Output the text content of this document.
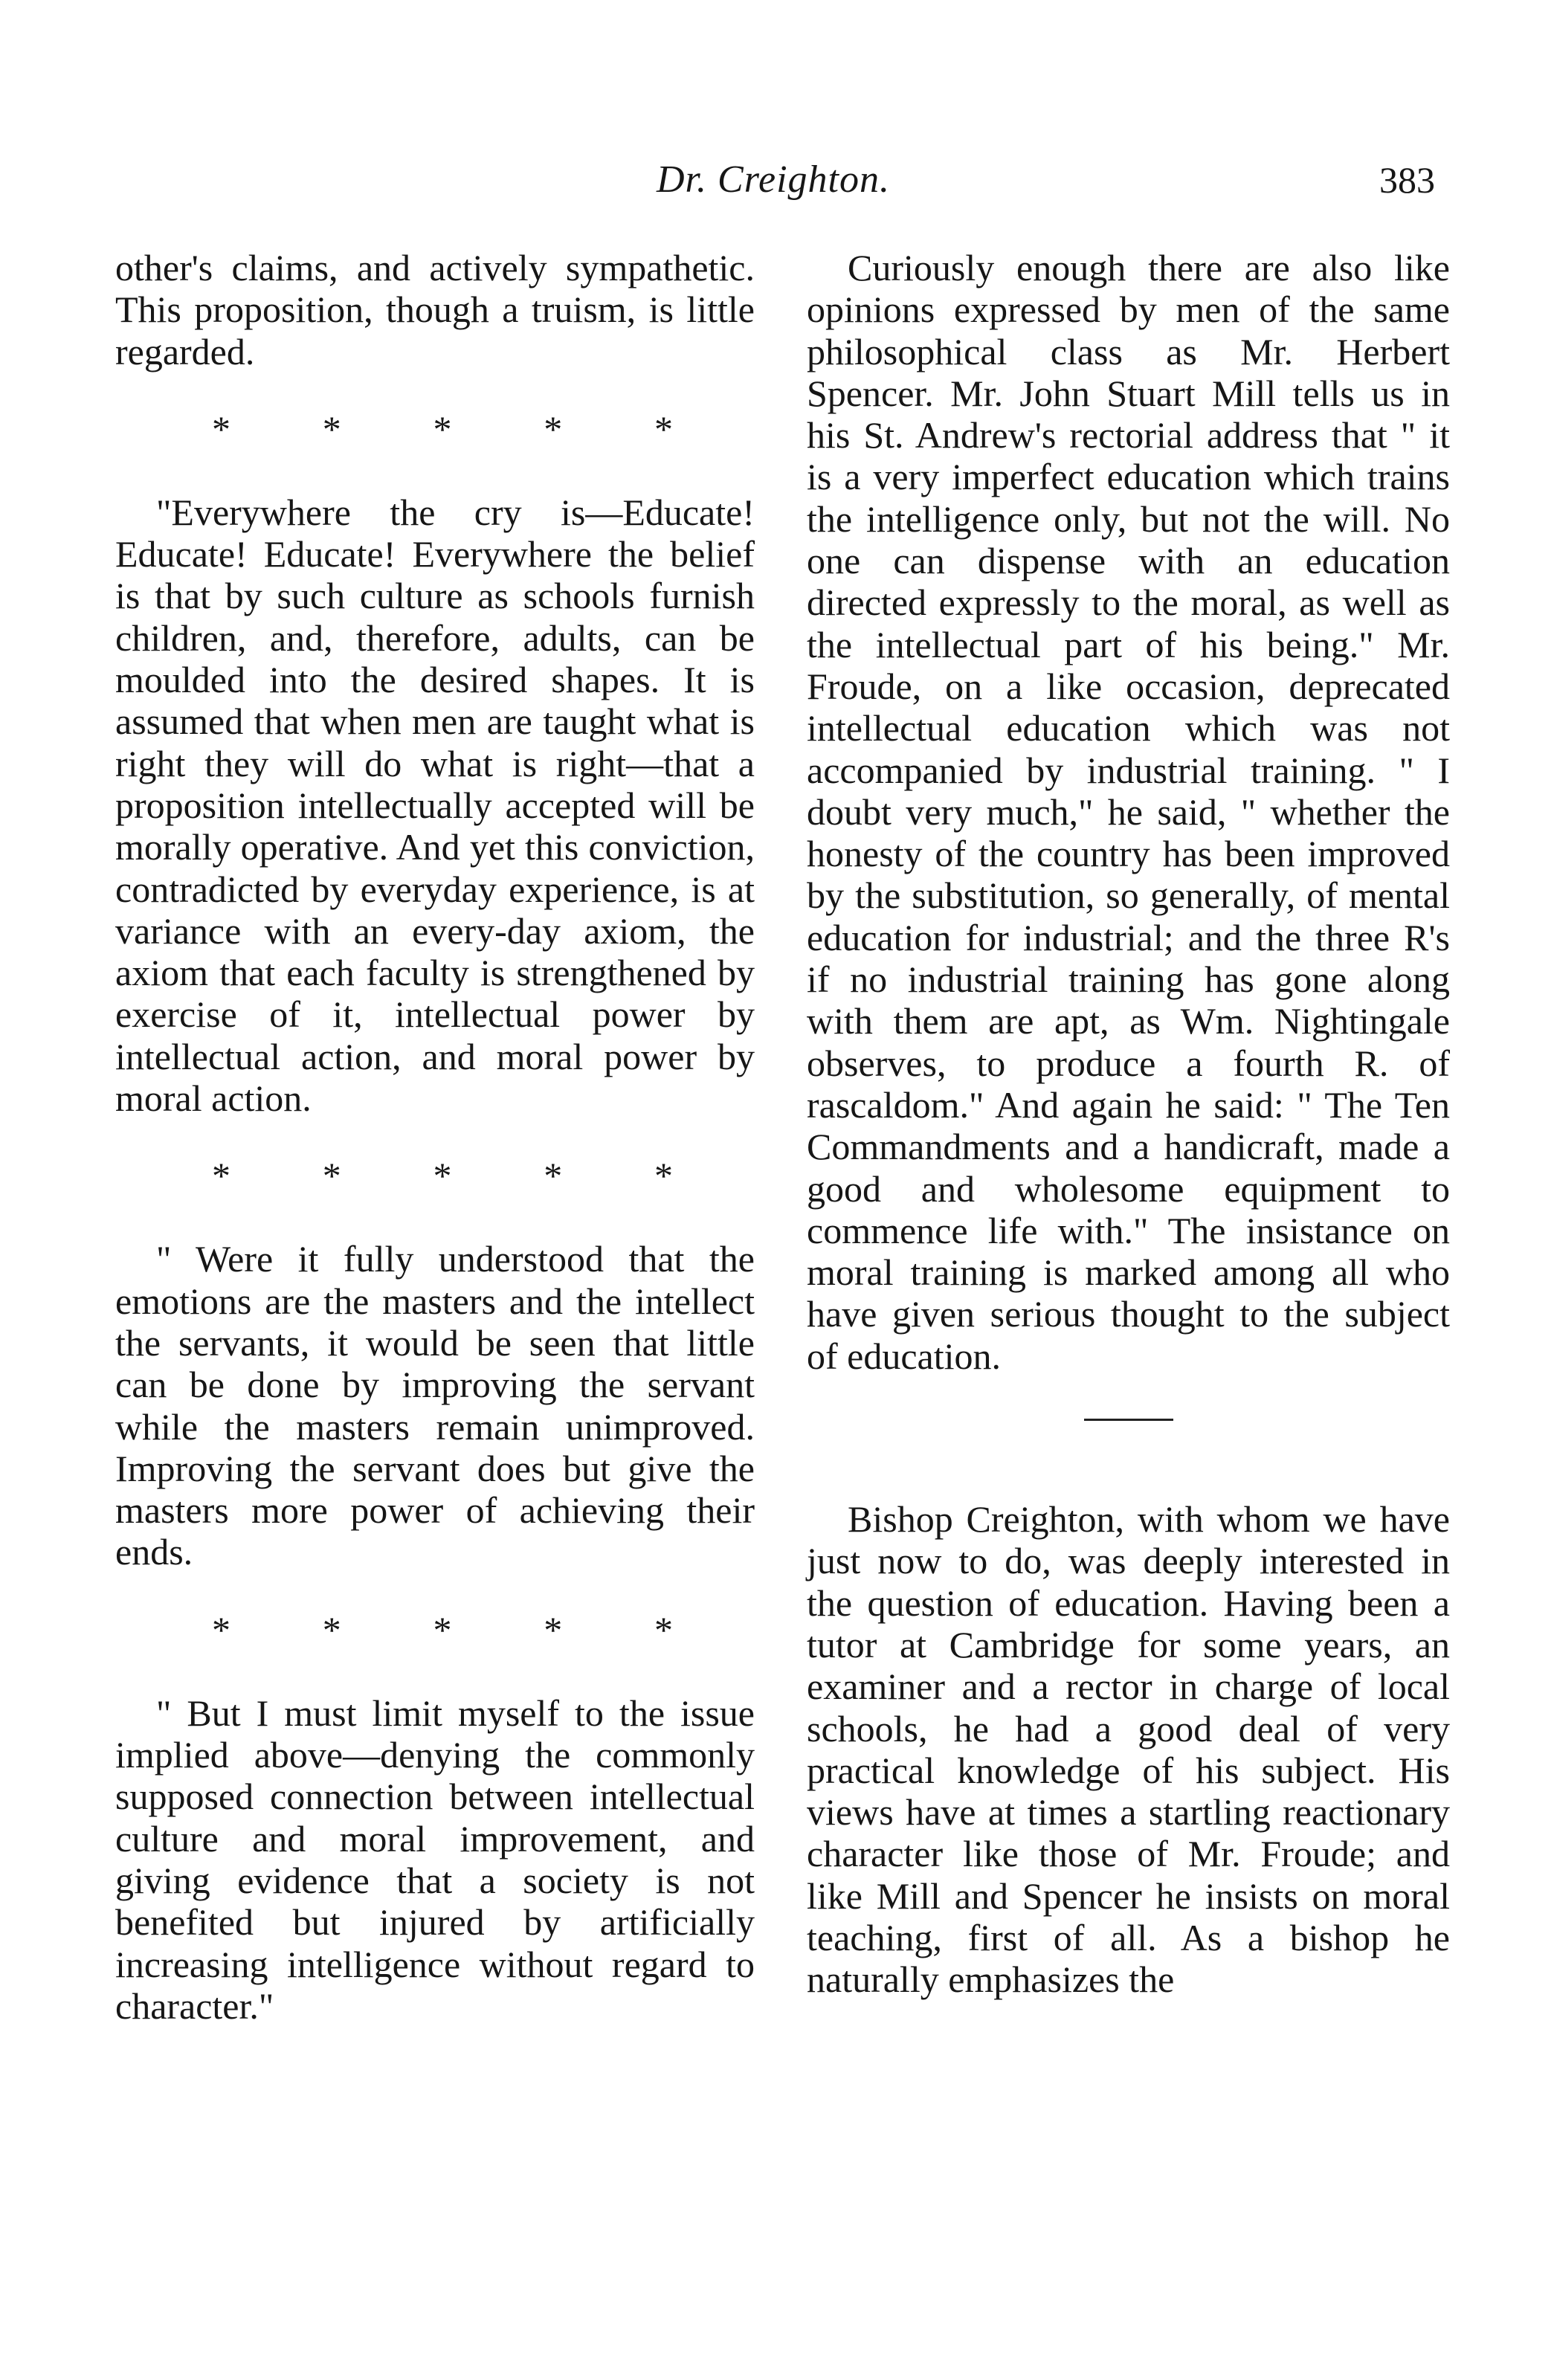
Dr. Creighton.	383

other's claims, and actively sympathetic. This proposition, though a truism, is little regarded.

* * * * *

"Everywhere the cry is—Educate! Educate! Educate! Everywhere the belief is that by such culture as schools furnish children, and, therefore, adults, can be moulded into the desired shapes. It is assumed that when men are taught what is right they will do what is right—that a proposition intellectually accepted will be morally operative. And yet this conviction, contradicted by everyday experience, is at variance with an every-day axiom, the axiom that each faculty is strengthened by exercise of it, intellectual power by intellectual action, and moral power by moral action.

* * * * *

" Were it fully understood that the emotions are the masters and the intellect the servants, it would be seen that little can be done by improving the servant while the masters remain unimproved. Improving the servant does but give the masters more power of achieving their ends.

* * * * *

" But I must limit myself to the issue implied above—denying the commonly supposed connection between intellectual culture and moral improvement, and giving evidence that a society is not benefited but injured by artificially increasing intelligence without regard to character."

Curiously enough there are also like opinions expressed by men of the same philosophical class as Mr. Herbert Spencer. Mr. John Stuart Mill tells us in his St. Andrew's rectorial address that " it is a very imperfect education which trains the intelligence only, but not the will. No one can dispense with an education directed expressly to the moral, as well as the intellectual part of his being." Mr. Froude, on a like occasion, deprecated intellectual education which was not accompanied by industrial training. " I doubt very much," he said, " whether the honesty of the country has been improved by the substitution, so generally, of mental education for industrial; and the three R's if no industrial training has gone along with them are apt, as Wm. Nightingale observes, to produce a fourth R. of rascaldom." And again he said: " The Ten Commandments and a handicraft, made a good and wholesome equipment to commence life with." The insistance on moral training is marked among all who have given serious thought to the subject of education.

Bishop Creighton, with whom we have just now to do, was deeply interested in the question of education. Having been a tutor at Cambridge for some years, an examiner and a rector in charge of local schools, he had a good deal of very practical knowledge of his subject. His views have at times a startling reactionary character like those of Mr. Froude; and like Mill and Spencer he insists on moral teaching, first of all. As a bishop he naturally emphasizes the
